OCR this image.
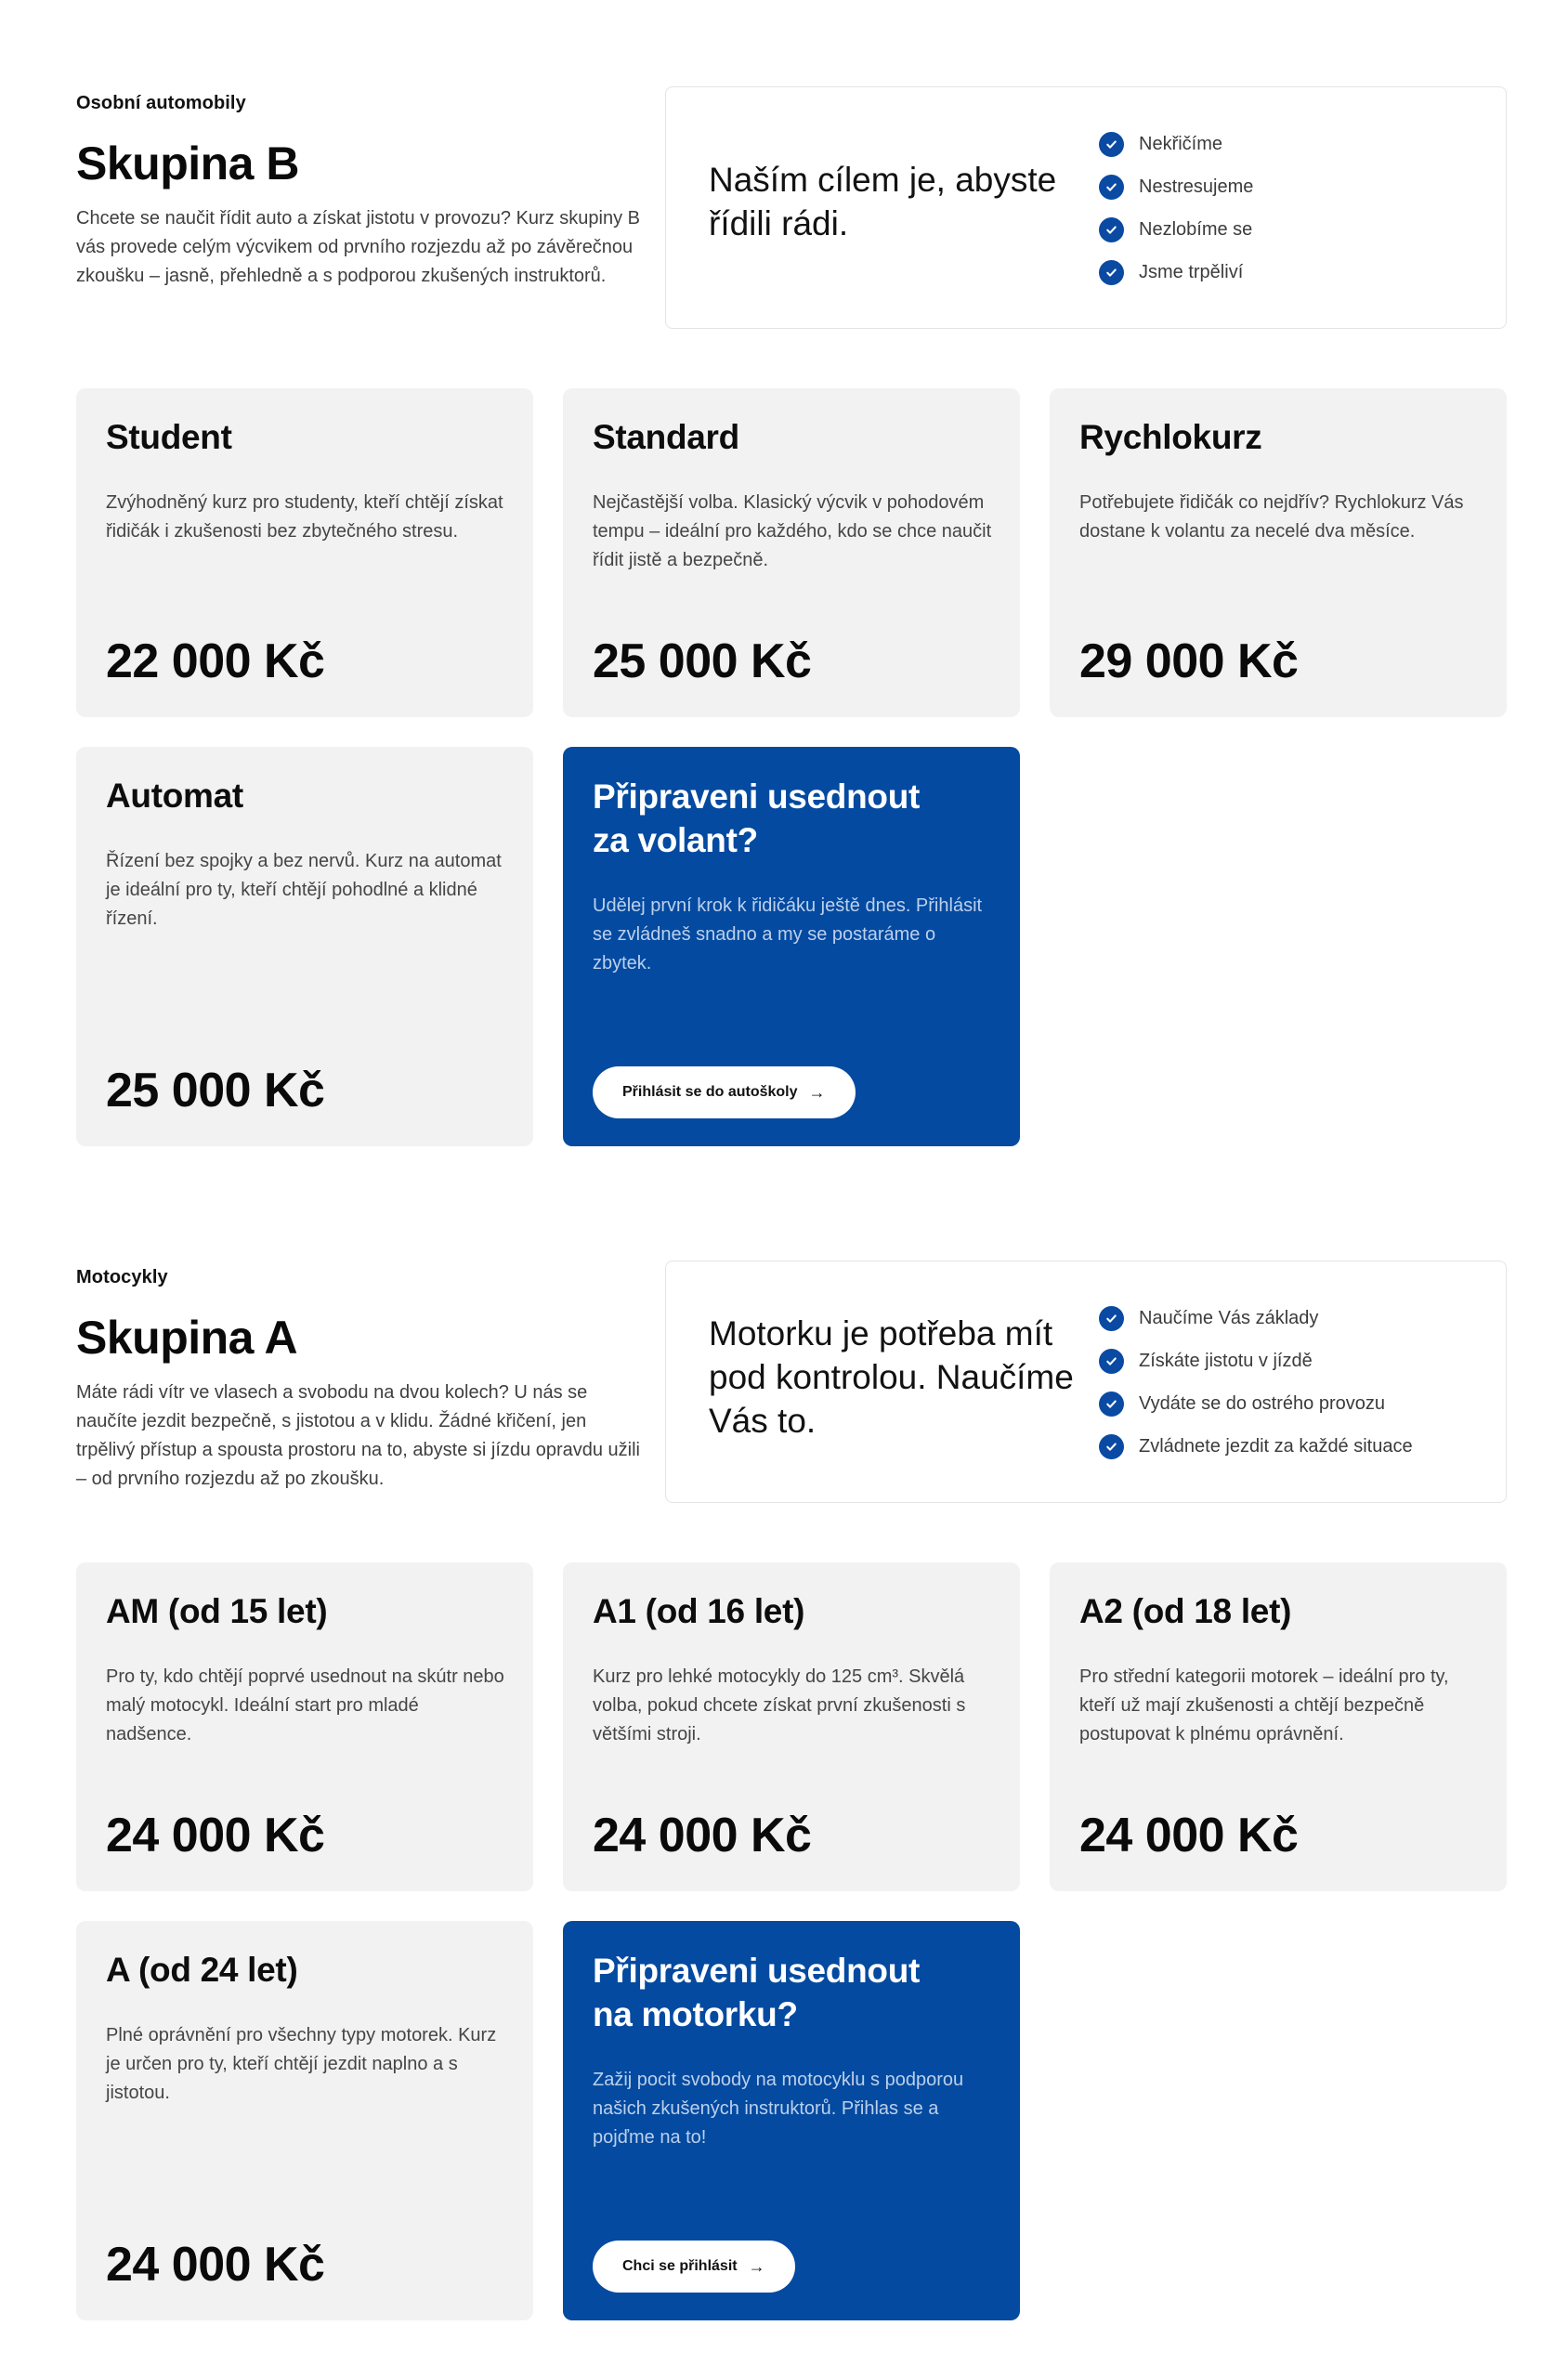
Osobní automobily
Skupina B

Chcete se naučit řídit auto a získat jistotu v provozu? Kurz skupiny B vás provede celým výcvikem od prvního rozjezdu až po závěrečnou zkoušku – jasně, přehledně a s podporou zkušených instruktorů.

Naším cílem je, abyste řídili rádi.
Nekřičíme
Nestresujeme
Nezlobíme se
Jsme trpěliví
Student

Zvýhodněný kurz pro studenty, kteří chtějí získat řidičák i zkušenosti bez zbytečného stresu.

22 000 Kč
Standard

Nejčastější volba. Klasický výcvik v pohodovém tempu – ideální pro každého, kdo se chce naučit řídit jistě a bezpečně.

25 000 Kč
Rychlokurz

Potřebujete řidičák co nejdřív? Rychlokurz Vás dostane k volantu za necelé dva měsíce.

29 000 Kč
Automat

Řízení bez spojky a bez nervů. Kurz na automat je ideální pro ty, kteří chtějí pohodlné a klidné řízení.

25 000 Kč
Připraveni usednout za volant?

Udělej první krok k řidičáku ještě dnes. Přihlásit se zvládneš snadno a my se postaráme o zbytek.

Přihlásit se do autoškoly →
Motocykly
Skupina A

Máte rádi vítr ve vlasech a svobodu na dvou kolech? U nás se naučíte jezdit bezpečně, s jistotou a v klidu. Žádné křičení, jen trpělivý přístup a spousta prostoru na to, abyste si jízdu opravdu užili – od prvního rozjezdu až po zkoušku.

Motorku je potřeba mít pod kontrolou. Naučíme Vás to.
Naučíme Vás základy
Získáte jistotu v jízdě
Vydáte se do ostrého provozu
Zvládnete jezdit za každé situace
AM (od 15 let)

Pro ty, kdo chtějí poprvé usednout na skútr nebo malý motocykl. Ideální start pro mladé nadšence.

24 000 Kč
A1 (od 16 let)

Kurz pro lehké motocykly do 125 cm³. Skvělá volba, pokud chcete získat první zkušenosti s většími stroji.

24 000 Kč
A2 (od 18 let)

Pro střední kategorii motorek – ideální pro ty, kteří už mají zkušenosti a chtějí bezpečně postupovat k plnému oprávnění.

24 000 Kč
A (od 24 let)

Plné oprávnění pro všechny typy motorek. Kurz je určen pro ty, kteří chtějí jezdit naplno a s jistotou.

24 000 Kč
Připraveni usednout na motorku?

Zažij pocit svobody na motocyklu s podporou našich zkušených instruktorů. Přihlas se a pojďme na to!

Chci se přihlásit →
